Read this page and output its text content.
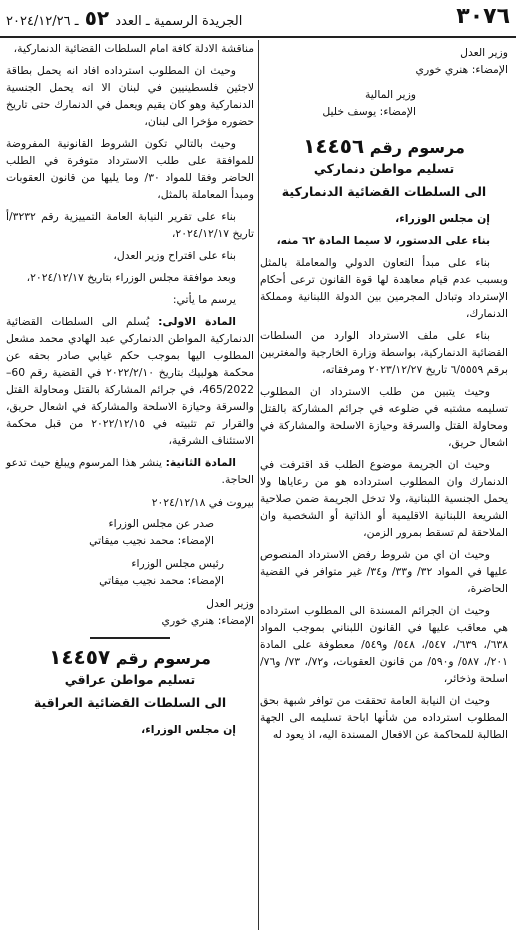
٣٠٧٦
الجريدة الرسمية ـ العدد ٥٢ ـ ٢٠٢٤/١٢/٢٦

وزير العدل

الإمضاء: هنري خوري

وزير المالية

الإمضاء: يوسف خليل

مرسوم رقم ١٤٤٥٦
تسليم مواطن دنماركي
الى السلطات القضائية الدنماركية

إن مجلس الوزراء،

بناء على الدستور، لا سيما المادة ٦٢ منه،

بناء على مبدأ التعاون الدولي والمعاملة بالمثل وبسبب عدم قيام معاهدة لها قوة القانون ترعى أحكام الإسترداد وتبادل المجرمين بين الدولة اللبنانية ومملكة الدنمارك،

بناء على ملف الاسترداد الوارد من السلطات القضائية الدنماركية، بواسطة وزارة الخارجية والمغتربين برقم ٦/٥٥٥٩ تاريخ ٢٠٢٣/١٢/٢٧ ومرفقاته،

وحيث يتبين من طلب الاسترداد ان المطلوب تسليمه مشتبه في ضلوعه في جرائم المشاركة بالقتل ومحاولة القتل والسرقة وحيازة الاسلحة والمشاركة في اشعال حريق،

وحيث ان الجريمة موضوع الطلب قد اقترفت في الدنمارك وان المطلوب استرداده هو من رعاياها ولا يحمل الجنسية اللبنانية، ولا تدخل الجريمة ضمن صلاحية الشريعة اللبنانية الاقليمية أو الذاتية أو الشخصية وان الملاحقة لم تسقط بمرور الزمن،

وحيث ان اي من شروط رفض الاسترداد المنصوص عليها في المواد ٣٢/ و٣٣/ و٣٤/ غير متوافر في القضية الحاضرة،

وحيث ان الجرائم المسندة الى المطلوب استرداده هي معاقب عليها في القانون اللبناني بموجب المواد ٦٣٨/، ٦٣٩/، ٥٤٧/، ٥٤٨/ و٥٤٩/ معطوفة على المادة ٢٠١/، ٥٨٧/ و٥٩٠/ من قانون العقوبات، و٧٢/، ٧٣/ و٧٦/ اسلحة وذخائر،

وحيث ان النيابة العامة تحققت من توافر شبهة بحق المطلوب استرداده من شأنها اباحة تسليمه الى الجهة الطالبة للمحاكمة عن الافعال المسندة اليه، اذ يعود له

مناقشة الادلة كافة امام السلطات القضائية الدنماركية،

وحيث ان المطلوب استرداده افاد انه يحمل بطاقة لاجئين فلسطينيين في لبنان الا انه يحمل الجنسية الدنماركية وهو كان يقيم ويعمل في الدنمارك حتى تاريخ حضوره مؤخرا الى لبنان،

وحيث بالتالي تكون الشروط القانونية المفروضة للموافقة على طلب الاسترداد متوفرة في الطلب الحاضر وفقا للمواد ٣٠/ وما يليها من قانون العقوبات ومبدأ المعاملة بالمثل،

بناء على تقرير النيابة العامة التمييزية رقم ٣٢٣٢/أ تاريخ ٢٠٢٤/١٢/١٧،

بناء على اقتراح وزير العدل،

وبعد موافقة مجلس الوزراء بتاريخ ٢٠٢٤/١٢/١٧،

يرسم ما يأتي:

المادة الاولى: يُسلم الى السلطات القضائية الدنماركية المواطن الدنماركي عبد الهادي محمد مشعل المطلوب اليها بموجب حكم غيابي صادر بحقه عن محكمة هولبيك بتاريخ ٢٠٢٢/٢/١٠ في القضية رقم 60–465/2022، في جرائم المشاركة بالقتل ومحاولة القتل والسرقة وحيازة الاسلحة والمشاركة في اشعال حريق، والقرار تم تثبيته في ٢٠٢٢/١٢/١٥ من قبل محكمة الاستئناف الشرقية،

المادة الثانية: ينشر هذا المرسوم ويبلغ حيث تدعو الحاجة.

بيروت في ٢٠٢٤/١٢/١٨

صدر عن مجلس الوزراء

الإمضاء: محمد نجيب ميقاتي

رئيس مجلس الوزراء

الإمضاء: محمد نجيب ميقاتي

وزير العدل

الإمضاء: هنري خوري

مرسوم رقم ١٤٤٥٧
تسليم مواطن عراقي
الى السلطات القضائية العراقية

إن مجلس الوزراء،
